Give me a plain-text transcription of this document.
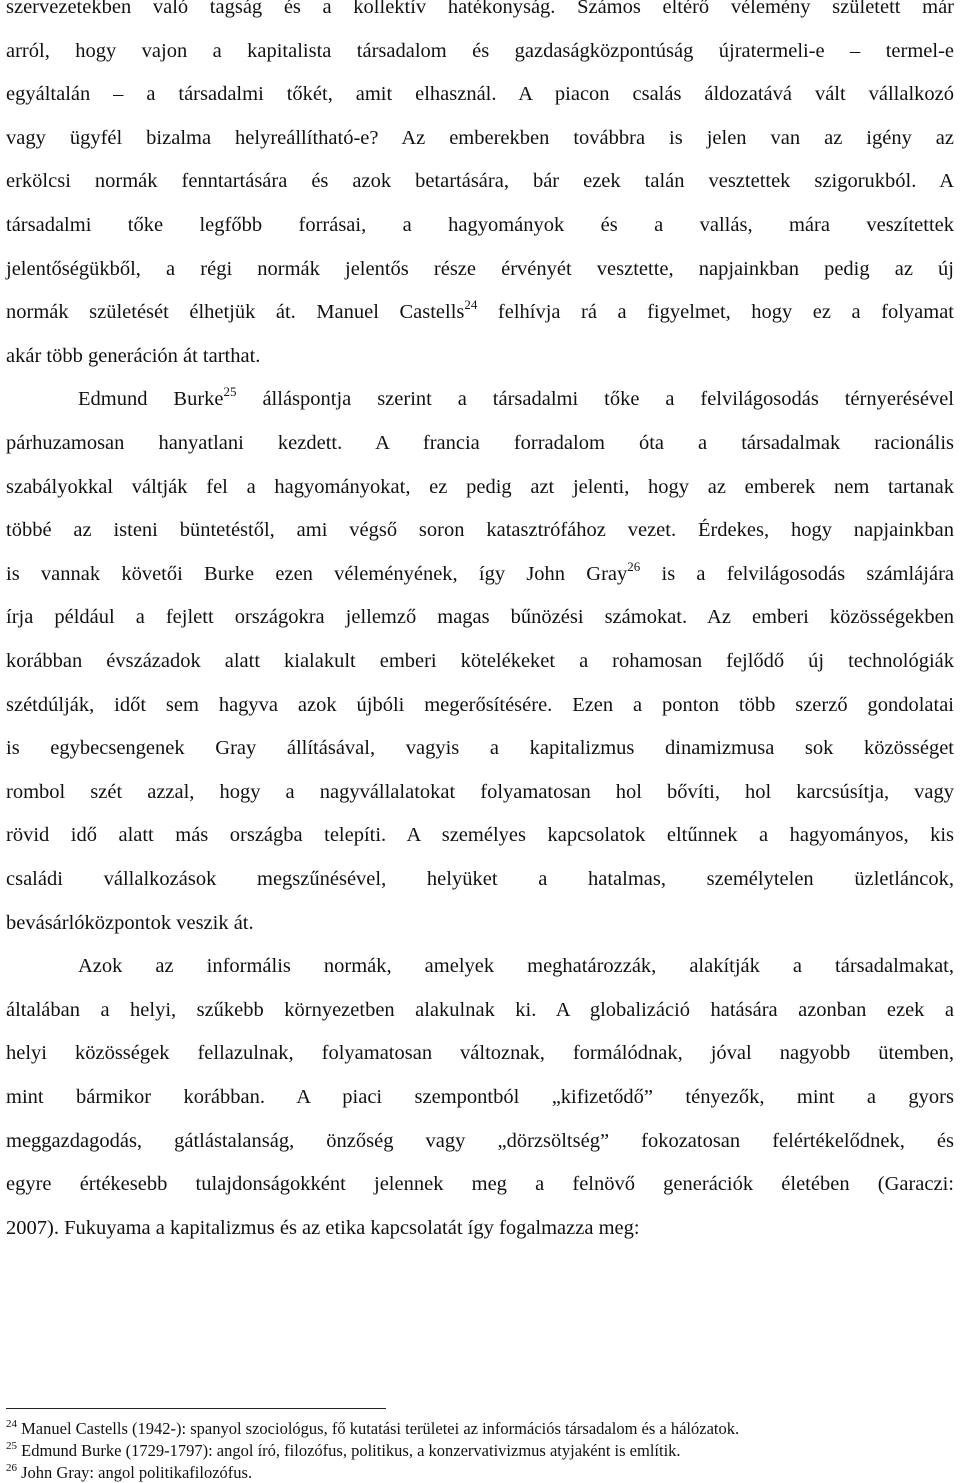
szervezetekben való tagság és a kollektív hatékonyság. Számos eltérő vélemény született már
arról, hogy vajon a kapitalista társadalom és gazdaságközpontúság újratermeli-e – termel-e
egyáltalán – a társadalmi tőkét, amit elhasznál. A piacon csalás áldozatává vált vállalkozó
vagy ügyfél bizalma helyreállítható-e? Az emberekben továbbra is jelen van az igény az
erkölcsi normák fenntartására és azok betartására, bár ezek talán vesztettek szigorukból. A
társadalmi tőke legfőbb forrásai, a hagyományok és a vallás, mára veszítettek
jelentőségükből, a régi normák jelentős része érvényét vesztette, napjainkban pedig az új
normák születését élhetjük át. Manuel Castells$^{24}$ felhívja rá a figyelmet, hogy ez a folyamat
akár több generáción át tarthat.
Edmund Burke$^{25}$ álláspontja szerint a társadalmi tőke a felvilágosodás térnyerésével
párhuzamosan hanyatlani kezdett. A francia forradalom óta a társadalmak racionális
szabályokkal váltják fel a hagyományokat, ez pedig azt jelenti, hogy az emberek nem tartanak
többé az isteni büntetéstől, ami végső soron katasztrófához vezet. Érdekes, hogy napjainkban
is vannak követői Burke ezen véleményének, így John Gray$^{26}$ is a felvilágosodás számlájára
írja például a fejlett országokra jellemző magas bűnözési számokat. Az emberi közösségekben
korábban évszázadok alatt kialakult emberi kötelékeket a rohamosan fejlődő új technológiák
szétdúlják, időt sem hagyva azok újbóli megerősítésére. Ezen a ponton több szerző gondolatai
is egybecsengenek Gray állításával, vagyis a kapitalizmus dinamizmusa sok közösséget
rombol szét azzal, hogy a nagyvállalatokat folyamatosan hol bővíti, hol karcsúsítja, vagy
rövid idő alatt más országba telepíti. A személyes kapcsolatok eltűnnek a hagyományos, kis
családi vállalkozások megszűnésével, helyüket a hatalmas, személytelen üzletláncok,
bevásárlóközpontok veszik át.
Azok az informális normák, amelyek meghatározzák, alakítják a társadalmakat,
általában a helyi, szűkebb környezetben alakulnak ki. A globalizáció hatására azonban ezek a
helyi közösségek fellazulnak, folyamatosan változnak, formálódnak, jóval nagyobb ütemben,
mint bármikor korábban. A piaci szempontból „kifizetődő” tényezők, mint a gyors
meggazdagodás, gátlástalanság, önzőség vagy „dörzsöltség” fokozatosan felértékelődnek, és
egyre értékesebb tulajdonságokként jelennek meg a felnövő generációk életében (Garaczi:
2007). Fukuyama a kapitalizmus és az etika kapcsolatát így fogalmazza meg:
$^{24}$ Manuel Castells (1942-): spanyol szociológus, fő kutatási területei az információs társadalom és a hálózatok.
$^{25}$ Edmund Burke (1729-1797): angol író, filozófus, politikus, a konzervativizmus atyjaként is említik.
$^{26}$ John Gray: angol politikafilozófus.
